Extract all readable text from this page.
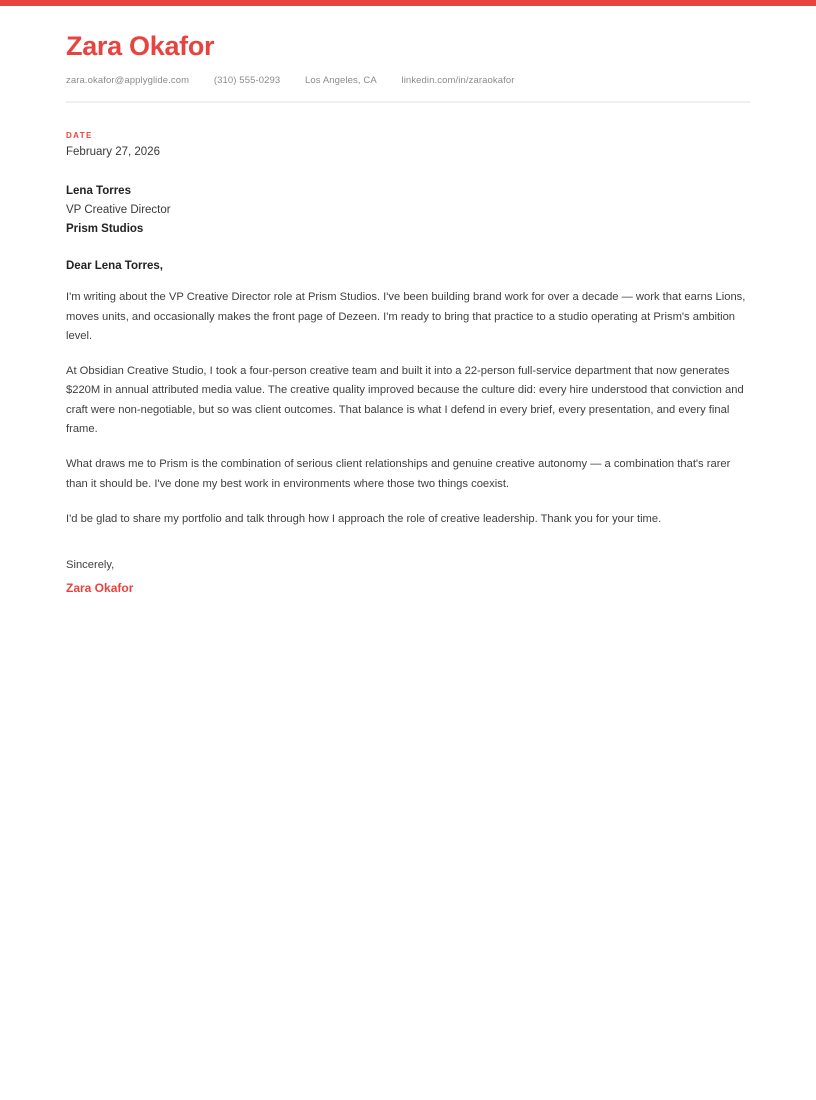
Zara Okafor
zara.okafor@applyglide.com	(310) 555-0293	Los Angeles, CA	linkedin.com/in/zaraokafor
DATE
February 27, 2026
Lena Torres
VP Creative Director
Prism Studios
Dear Lena Torres,

I'm writing about the VP Creative Director role at Prism Studios. I've been building brand work for over a decade — work that earns Lions, moves units, and occasionally makes the front page of Dezeen. I'm ready to bring that practice to a studio operating at Prism's ambition level.

At Obsidian Creative Studio, I took a four-person creative team and built it into a 22-person full-service department that now generates $220M in annual attributed media value. The creative quality improved because the culture did: every hire understood that conviction and craft were non-negotiable, but so was client outcomes. That balance is what I defend in every brief, every presentation, and every final frame.

What draws me to Prism is the combination of serious client relationships and genuine creative autonomy — a combination that's rarer than it should be. I've done my best work in environments where those two things coexist.

I'd be glad to share my portfolio and talk through how I approach the role of creative leadership. Thank you for your time.

Sincerely,
Zara Okafor
